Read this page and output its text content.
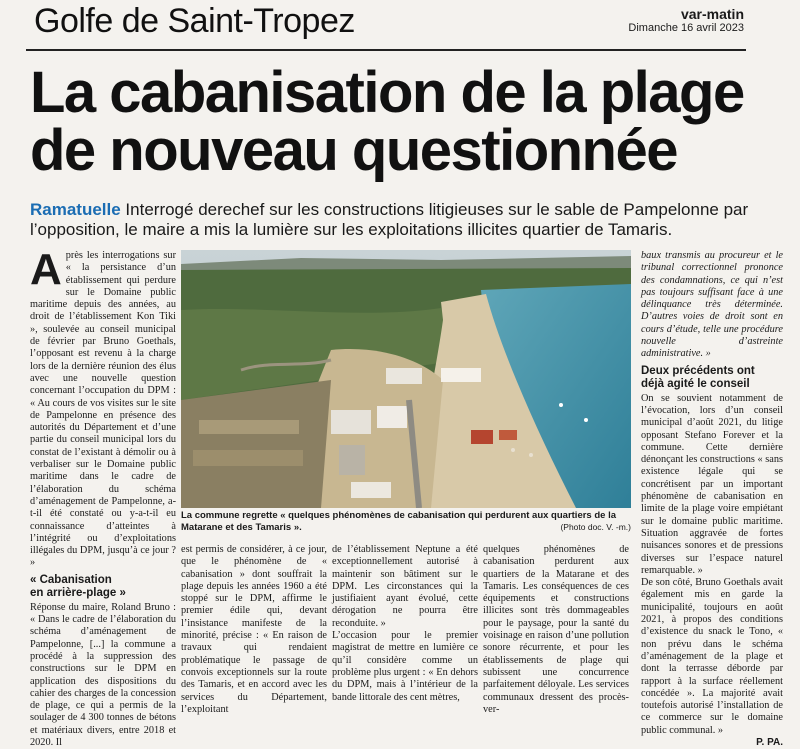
Golfe de Saint-Tropez	var-matin
Dimanche 16 avril 2023
La cabanisation de la plage
de nouveau questionnée
Ramatuelle Interrogé derechef sur les constructions litigieuses sur le sable de Pampelonne par l’opposition, le maire a mis la lumière sur les exploitations illicites quartier de Tamaris.
A près les interrogations sur « la persistance d’un établissement qui perdure sur le Domaine public maritime depuis des années, au droit de l’établissement Kon Tiki », soulevée au conseil municipal de février par Bruno Goethals, l’opposant est revenu à la charge lors de la dernière réunion des élus avec une nouvelle question concernant l’occupation du DPM : « Au cours de vos visites sur le site de Pampelonne en présence des autorités du Département et d’une partie du conseil municipal lors du constat de l’existant à démolir ou à verbaliser sur le Domaine public maritime dans le cadre de l’élaboration du schéma d’aménagement de Pampelonne, a-t-il été constaté ou y-a-t-il eu connaissance d’atteintes à l’intégrité ou d’exploitations illégales du DPM, jusqu’à ce jour ? »

« Cabanisation
en arrière-plage »

Réponse du maire, Roland Bruno : « Dans le cadre de l’élaboration du schéma d’aménagement de Pampelonne, [...] la commune a procédé à la suppression des constructions sur le DPM en application des dispositions du cahier des charges de la concession de plage, ce qui a permis de la soulager de 4 300 tonnes de bétons et matériaux divers, entre 2018 et 2020. Il

La commune regrette « quelques phénomènes de cabanisation qui perdurent aux quartiers de la Matarane et des Tamaris ».	(Photo doc. V. -m.)

est permis de considérer, à ce jour, que le phénomène de « cabanisation » dont souffrait la plage depuis les années 1960 a été stoppé sur le DPM, affirme le premier édile qui, devant l’insistance manifeste de la minorité, précise : « En raison de travaux qui rendaient problématique le passage de convois exceptionnels sur la route des Tamaris, et en accord avec les services du Département, l’exploitant

de l’établissement Neptune a été exceptionnellement autorisé à maintenir son bâtiment sur le DPM. Les circonstances qui la justifiaient ayant évolué, cette dérogation ne pourra être reconduite. »

L’occasion pour le premier magistrat de mettre en lumière ce qu’il considère comme un problème plus urgent : « En dehors du DPM, mais à l’intérieur de la bande littorale des cent mètres,

quelques phénomènes de cabanisation perdurent aux quartiers de la Matarane et des Tamaris. Les conséquences de ces équipements et constructions illicites sont très dommageables pour le paysage, pour la santé du voisinage en raison d’une pollution sonore récurrente, et pour les établissements de plage qui subissent une concurrence parfaitement déloyale. Les services communaux dressent des procès-ver-

baux transmis au procureur et le tribunal correctionnel prononce des condamnations, ce qui n’est pas toujours suffisant face à une délinquance très déterminée. D’autres voies de droit sont en cours d’étude, telle une procédure nouvelle d’astreinte administrative. »

Deux précédents ont
déjà agité le conseil

On se souvient notamment de l’évocation, lors d’un conseil municipal d’août 2021, du litige opposant Stefano Forever et la commune. Cette dernière dénonçant les constructions « sans existence légale qui se concrétisent par un important phénomène de cabanisation en limite de la plage voire empiétant sur le domaine public maritime. Situation aggravée de fortes nuisances sonores et de pressions diverses sur l’espace naturel remarquable. »

De son côté, Bruno Goethals avait également mis en garde la municipalité, toujours en août 2021, à propos des conditions d’existence du snack le Tono, « non prévu dans le schéma d’aménagement de la plage et dont la terrasse déborde par rapport à la surface réellement concédée ». La majorité avait toutefois autorisé l’installation de ce commerce sur le domaine public communal. »

P. PA.
